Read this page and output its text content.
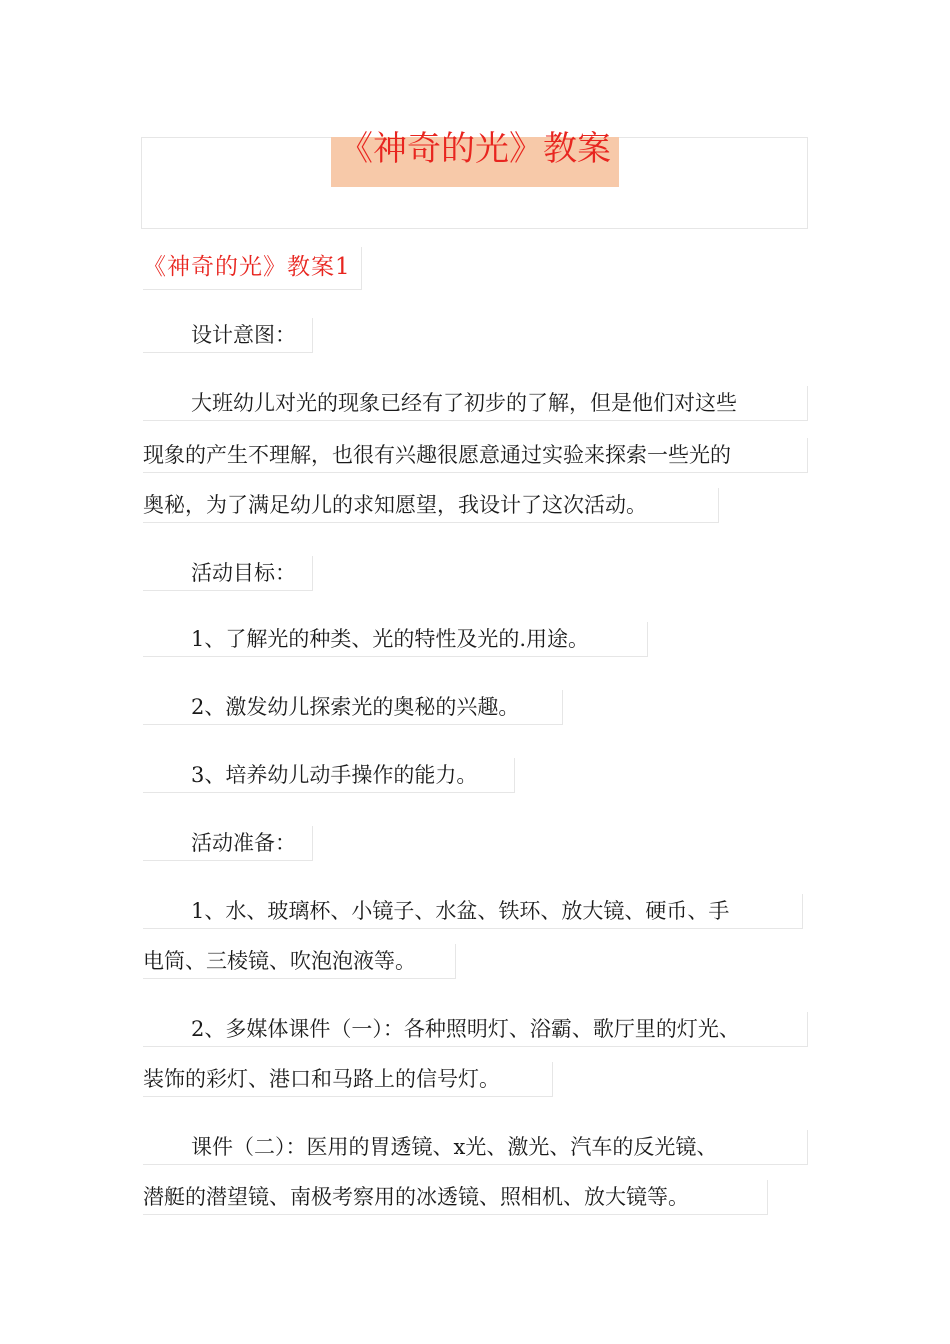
《神奇的光》教案
《神奇的光》教案1
设计意图：
大班幼儿对光的现象已经有了初步的了解，但是他们对这些
现象的产生不理解，也很有兴趣很愿意通过实验来探索一些光的
奥秘，为了满足幼儿的求知愿望，我设计了这次活动。
活动目标：
1、了解光的种类、光的特性及光的.用途。
2、激发幼儿探索光的奥秘的兴趣。
3、培养幼儿动手操作的能力。
活动准备：
1、水、玻璃杯、小镜子、水盆、铁环、放大镜、硬币、手
电筒、三棱镜、吹泡泡液等。
2、多媒体课件（一）：各种照明灯、浴霸、歌厅里的灯光、
装饰的彩灯、港口和马路上的信号灯。
课件（二）：医用的胃透镜、x光、激光、汽车的反光镜、
潜艇的潜望镜、南极考察用的冰透镜、照相机、放大镜等。
